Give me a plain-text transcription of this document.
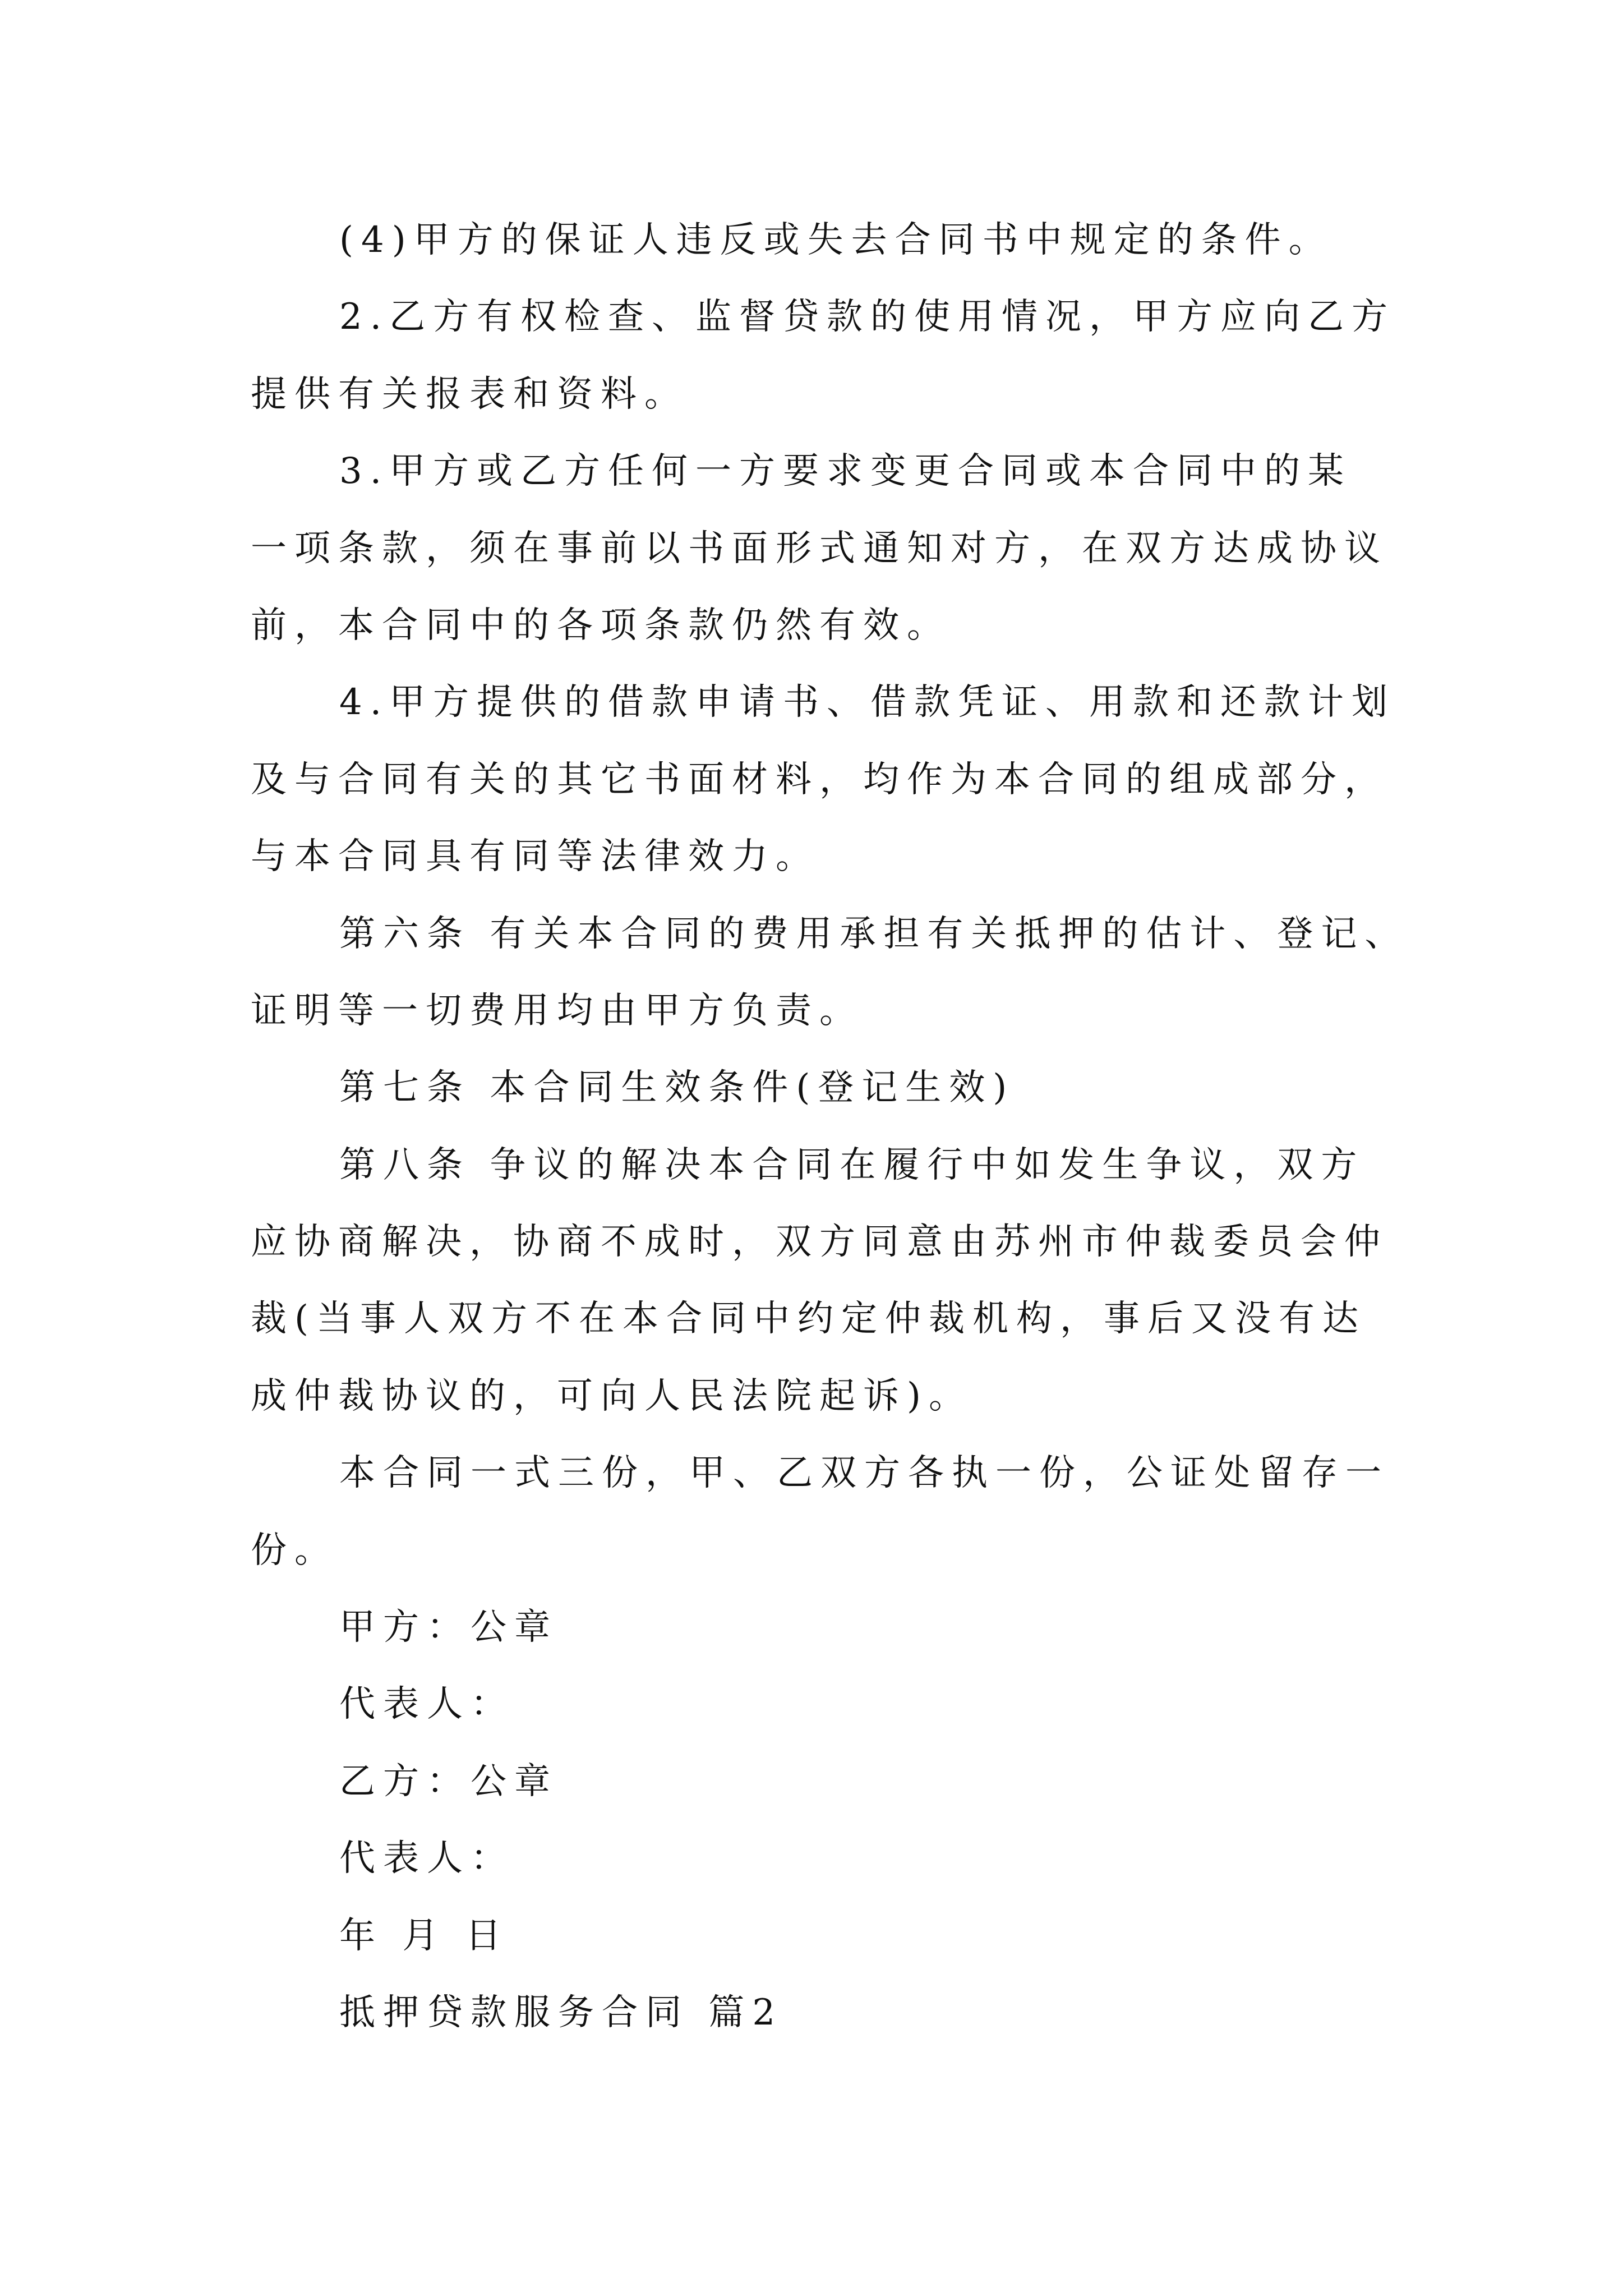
(4)甲方的保证人违反或失去合同书中规定的条件。
2.乙方有权检查、监督贷款的使用情况，甲方应向乙方
提供有关报表和资料。
3.甲方或乙方任何一方要求变更合同或本合同中的某
一项条款，须在事前以书面形式通知对方，在双方达成协议
前，本合同中的各项条款仍然有效。
4.甲方提供的借款申请书、借款凭证、用款和还款计划
及与合同有关的其它书面材料，均作为本合同的组成部分，
与本合同具有同等法律效力。
第六条 有关本合同的费用承担有关抵押的估计、登记、
证明等一切费用均由甲方负责。
第七条 本合同生效条件(登记生效)
第八条 争议的解决本合同在履行中如发生争议，双方
应协商解决，协商不成时，双方同意由苏州市仲裁委员会仲
裁(当事人双方不在本合同中约定仲裁机构，事后又没有达
成仲裁协议的，可向人民法院起诉)。
本合同一式三份，甲、乙双方各执一份，公证处留存一
份。
甲方：公章
代表人：
乙方：公章
代表人：
年 月 日
抵押贷款服务合同 篇2
